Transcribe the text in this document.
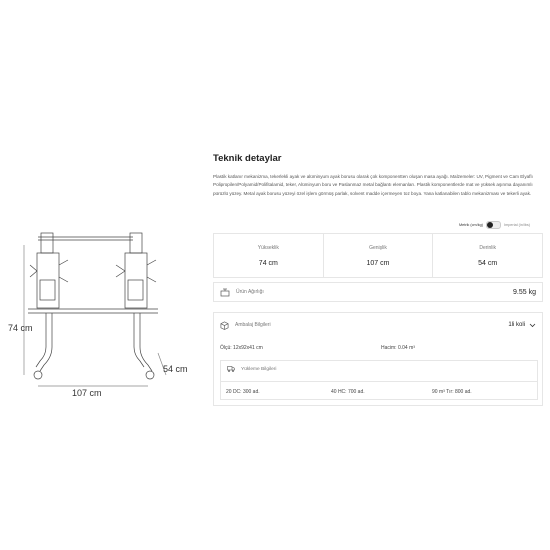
74 cm
107 cm
54 cm
Teknik detaylar
Plastik katlanır mekanizma, tekerlekli ayak ve alüminyum ayak borusu olarak çok komponentten oluşan masa ayağı. Malzemeler: UV, Pigment ve Cam Elyaflı Polipropilen/Polyamid/Polifitalamid, teker, Alüminyum boru ve Paslanmaz metal bağlantı elemanları. Plastik komponentlerde mat ve yüksek aşınma dayanımlı pürüzlü yüzey. Metal ayak borusu yüzeyi özel işlem görmüş parlak, solvent madde içermeyen toz boya. Yana katlanabilen tablo mekanizması ve tekerli ayak.
Metrik (cm/kg)	Imperial (in/lbs)
Yükseklik
74 cm
Genişlik
107 cm
Derinlik
54 cm
Ürün Ağırlığı	9.55 kg
Ambalaj Bilgileri	1li koli
Ölçü: 12x92x41 cm	Hacim: 0.04 m³
Yükleme Bilgileri
20 DC: 300 ad.	40 HC: 700 ad.	90 m³ Tır: 800 ad.
